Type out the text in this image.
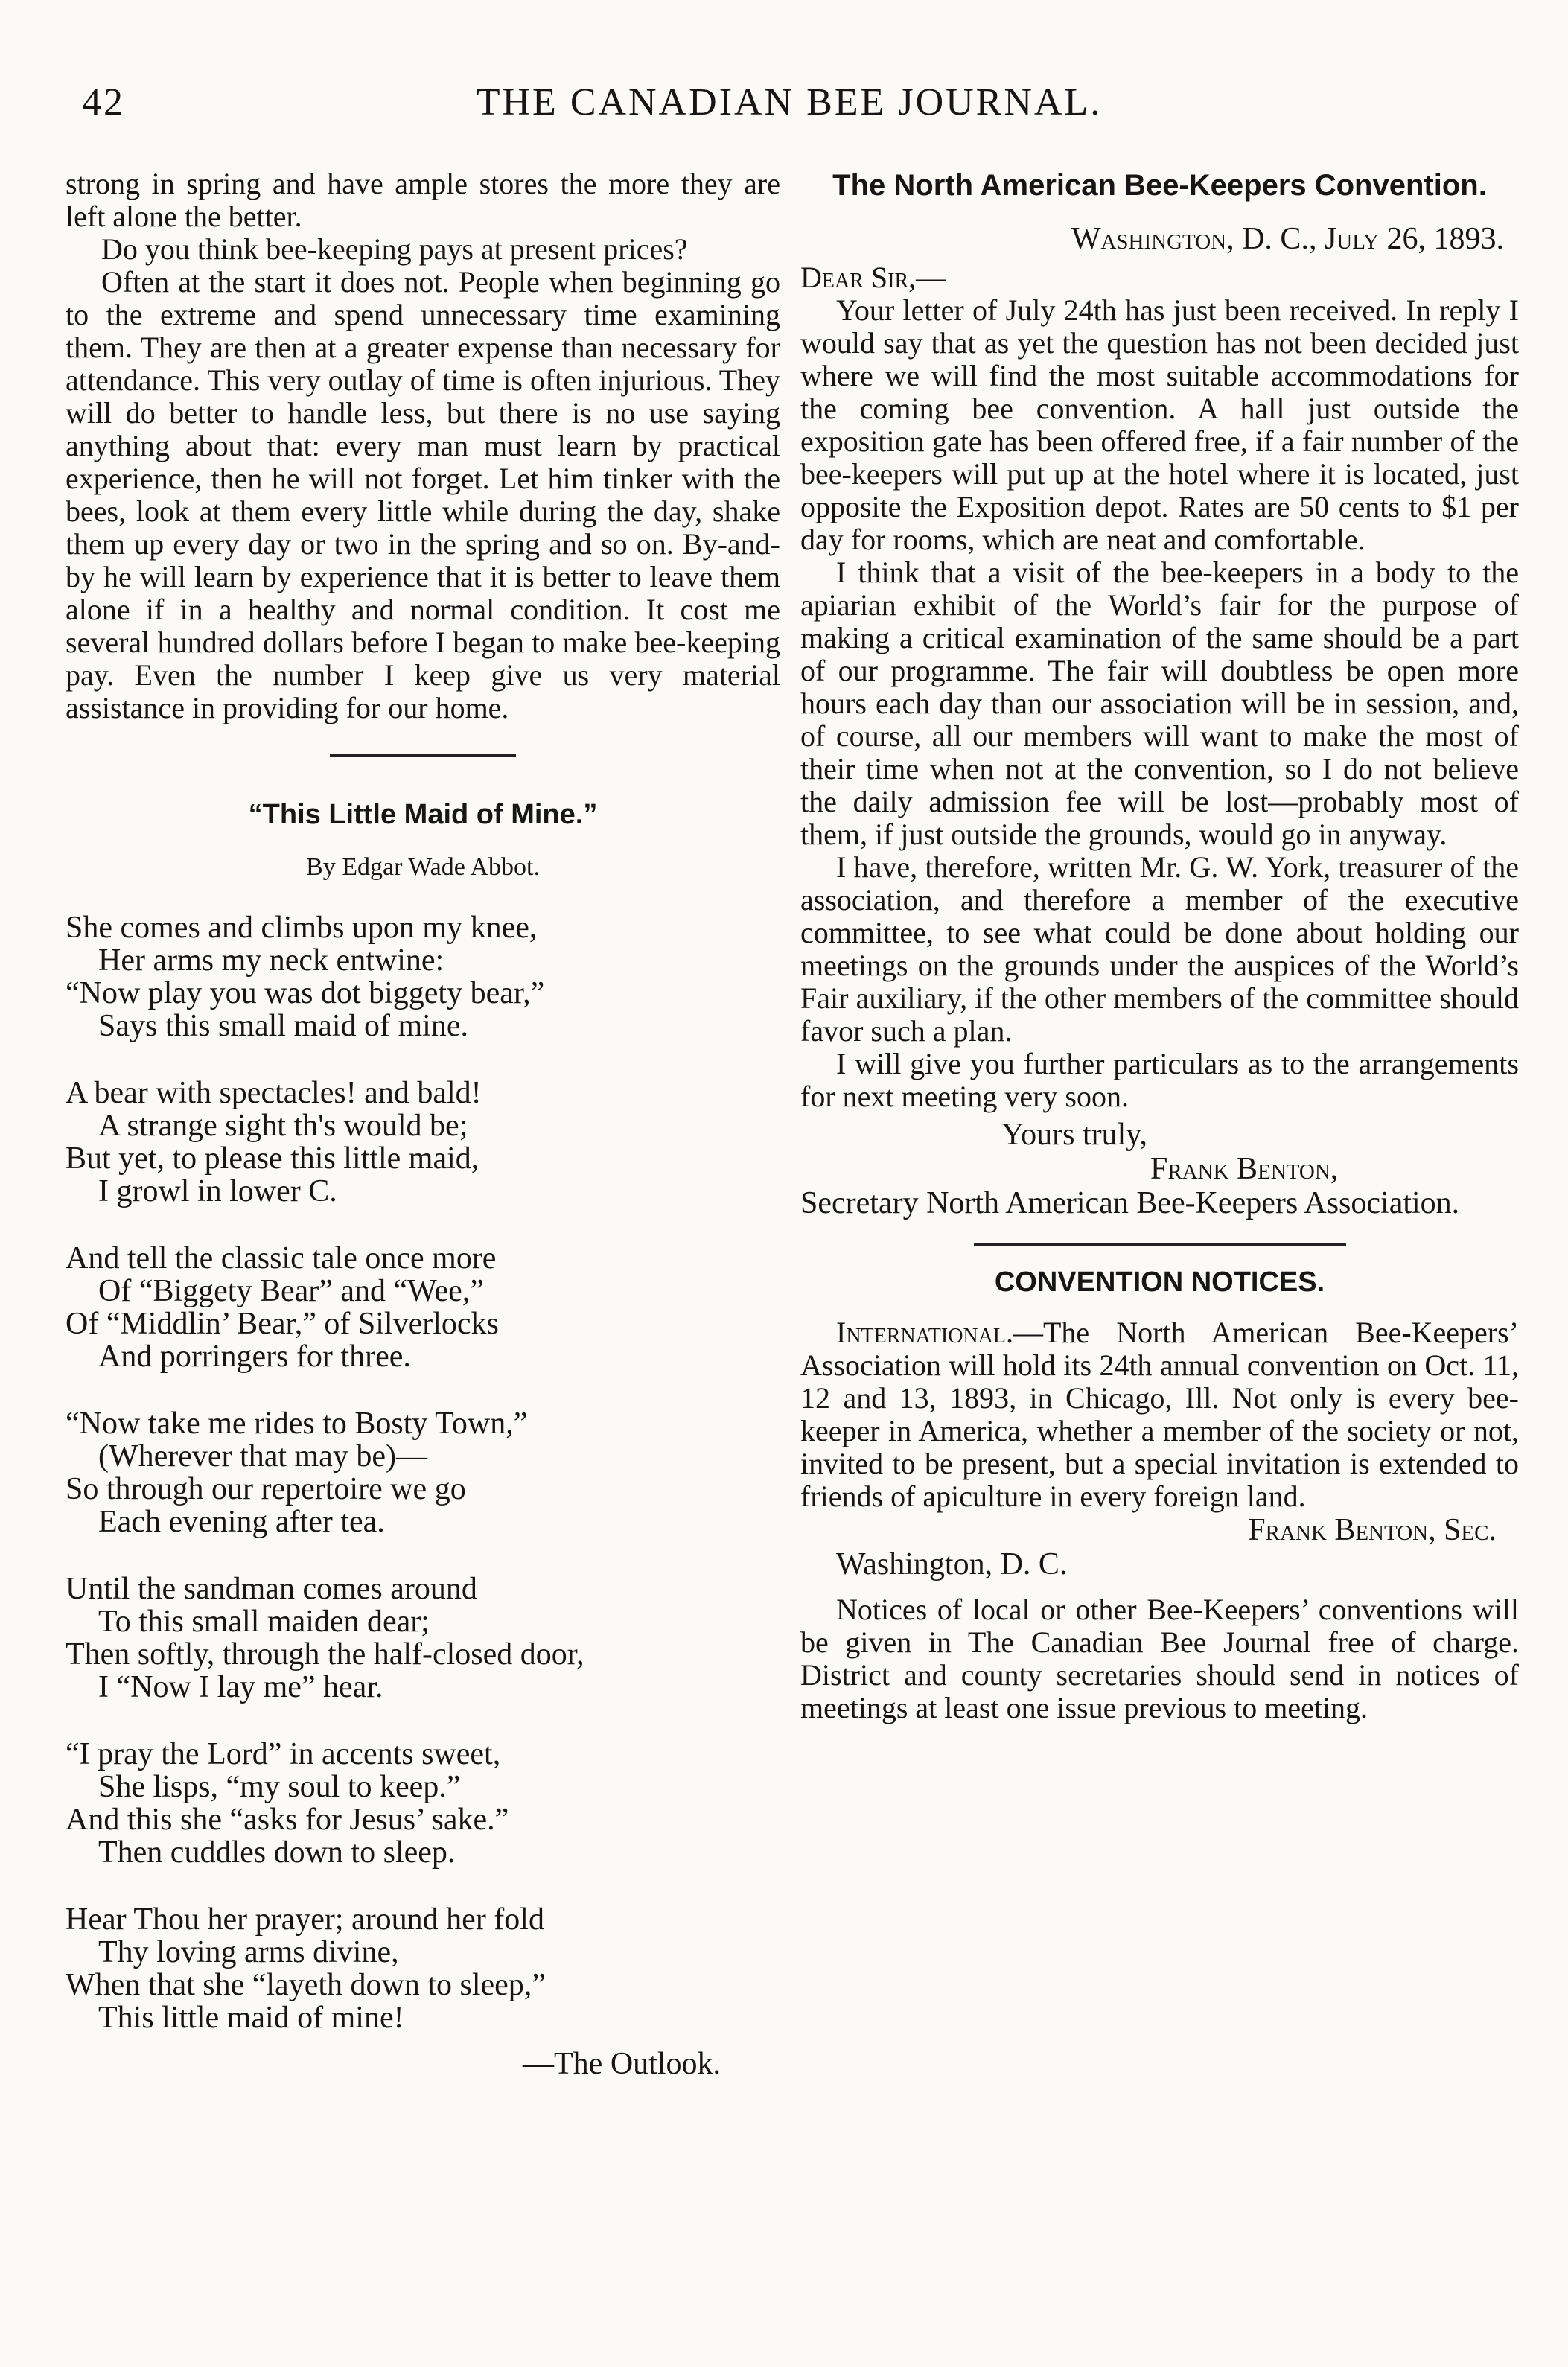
42	THE CANADIAN BEE JOURNAL.

strong in spring and have ample stores the more they are left alone the better.

Do you think bee-keeping pays at present prices?

Often at the start it does not. People when beginning go to the extreme and spend unnecessary time examining them. They are then at a greater expense than necessary for attendance. This very outlay of time is often injurious. They will do better to handle less, but there is no use saying anything about that: every man must learn by practical experience, then he will not forget. Let him tinker with the bees, look at them every little while during the day, shake them up every day or two in the spring and so on. By-and-by he will learn by experience that it is better to leave them alone if in a healthy and normal condition. It cost me several hundred dollars before I began to make bee-keeping pay. Even the number I keep give us very material assistance in providing for our home.

“This Little Maid of Mine.”
By Edgar Wade Abbot.
She comes and climbs upon my knee,
Her arms my neck entwine:
“Now play you was dot biggety bear,”
Says this small maid of mine.
A bear with spectacles! and bald!
A strange sight th's would be;
But yet, to please this little maid,
I growl in lower C.
And tell the classic tale once more
Of “Biggety Bear” and “Wee,”
Of “Middlin’ Bear,” of Silverlocks
And porringers for three.
“Now take me rides to Bosty Town,”
(Wherever that may be)—
So through our repertoire we go
Each evening after tea.
Until the sandman comes around
To this small maiden dear;
Then softly, through the half-closed door,
I “Now I lay me” hear.
“I pray the Lord” in accents sweet,
She lisps, “my soul to keep.”
And this she “asks for Jesus’ sake.”
Then cuddles down to sleep.
Hear Thou her prayer; around her fold
Thy loving arms divine,
When that she “layeth down to sleep,”
This little maid of mine!
—The Outlook.
The North American Bee-Keepers Convention.
Washington, D. C., July 26, 1893.

Dear Sir,—

Your letter of July 24th has just been received. In reply I would say that as yet the question has not been decided just where we will find the most suitable accommodations for the coming bee convention. A hall just outside the exposition gate has been offered free, if a fair number of the bee-keepers will put up at the hotel where it is located, just opposite the Exposition depot. Rates are 50 cents to $1 per day for rooms, which are neat and comfortable.

I think that a visit of the bee-keepers in a body to the apiarian exhibit of the World’s fair for the purpose of making a critical examination of the same should be a part of our programme. The fair will doubtless be open more hours each day than our association will be in session, and, of course, all our members will want to make the most of their time when not at the convention, so I do not believe the daily admission fee will be lost—probably most of them, if just outside the grounds, would go in anyway.

I have, therefore, written Mr. G. W. York, treasurer of the association, and therefore a member of the executive committee, to see what could be done about holding our meetings on the grounds under the auspices of the World’s Fair auxiliary, if the other members of the committee should favor such a plan.

I will give you further particulars as to the arrangements for next meeting very soon.

Yours truly,
Frank Benton,
Secretary North American Bee-Keepers Association.
CONVENTION NOTICES.

International.—The North American Bee-Keepers’ Association will hold its 24th annual convention on Oct. 11, 12 and 13, 1893, in Chicago, Ill. Not only is every bee-keeper in America, whether a member of the society or not, invited to be present, but a special invitation is extended to friends of apiculture in every foreign land.

Frank Benton, Sec.
Washington, D. C.

Notices of local or other Bee-Keepers’ conventions will be given in The Canadian Bee Journal free of charge. District and county secretaries should send in notices of meetings at least one issue previous to meeting.
